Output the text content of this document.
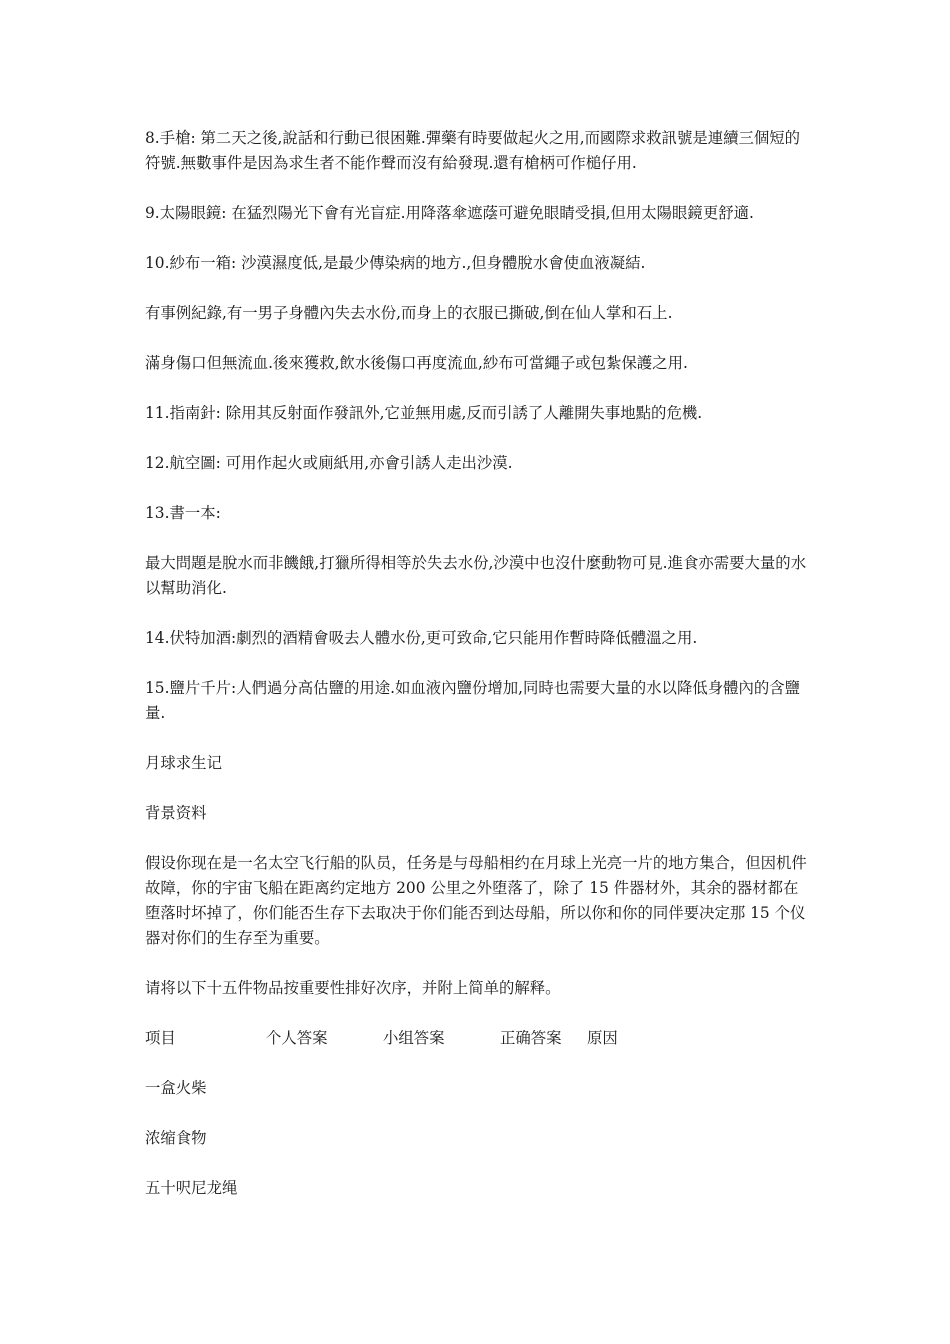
8.手槍: 第二天之後,說話和行動已很困難.彈藥有時要做起火之用,而國際求救訊號是連續三個短的符號.無數事件是因為求生者不能作聲而沒有給發現.還有槍柄可作槌仔用.

9.太陽眼鏡: 在猛烈陽光下會有光盲症.用降落傘遮蔭可避免眼睛受損,但用太陽眼鏡更舒適.

10.紗布一箱: 沙漠濕度低,是最少傳染病的地方.,但身體脫水會使血液凝結.

有事例紀錄,有一男子身體內失去水份,而身上的衣服已撕破,倒在仙人掌和石上.

滿身傷口但無流血.後來獲救,飲水後傷口再度流血,紗布可當繩子或包紮保護之用.

11.指南針: 除用其反射面作發訊外,它並無用處,反而引誘了人離開失事地點的危機.

12.航空圖: 可用作起火或廁紙用,亦會引誘人走出沙漠.

13.書一本:

最大問題是脫水而非饑餓,打獵所得相等於失去水份,沙漠中也沒什麼動物可見.進食亦需要大量的水以幫助消化.

14.伏特加酒:劇烈的酒精會吸去人體水份,更可致命,它只能用作暫時降低體溫之用.

15.鹽片千片:人們過分高估鹽的用途.如血液內鹽份增加,同時也需要大量的水以降低身體內的含鹽量.

月球求生记

背景资料

假设你现在是一名太空飞行船的队员，任务是与母船相约在月球上光亮一片的地方集合，但因机件故障，你的宇宙飞船在距离约定地方 200 公里之外堕落了，除了 15 件器材外，其余的器材都在堕落时坏掉了，你们能否生存下去取决于你们能否到达母船，所以你和你的同伴要决定那 15 个仪器对你们的生存至为重要。

请将以下十五件物品按重要性排好次序，并附上简单的解释。

项目	个人答案	小组答案	正确答案	原因

一盒火柴

浓缩食物

五十呎尼龙绳
